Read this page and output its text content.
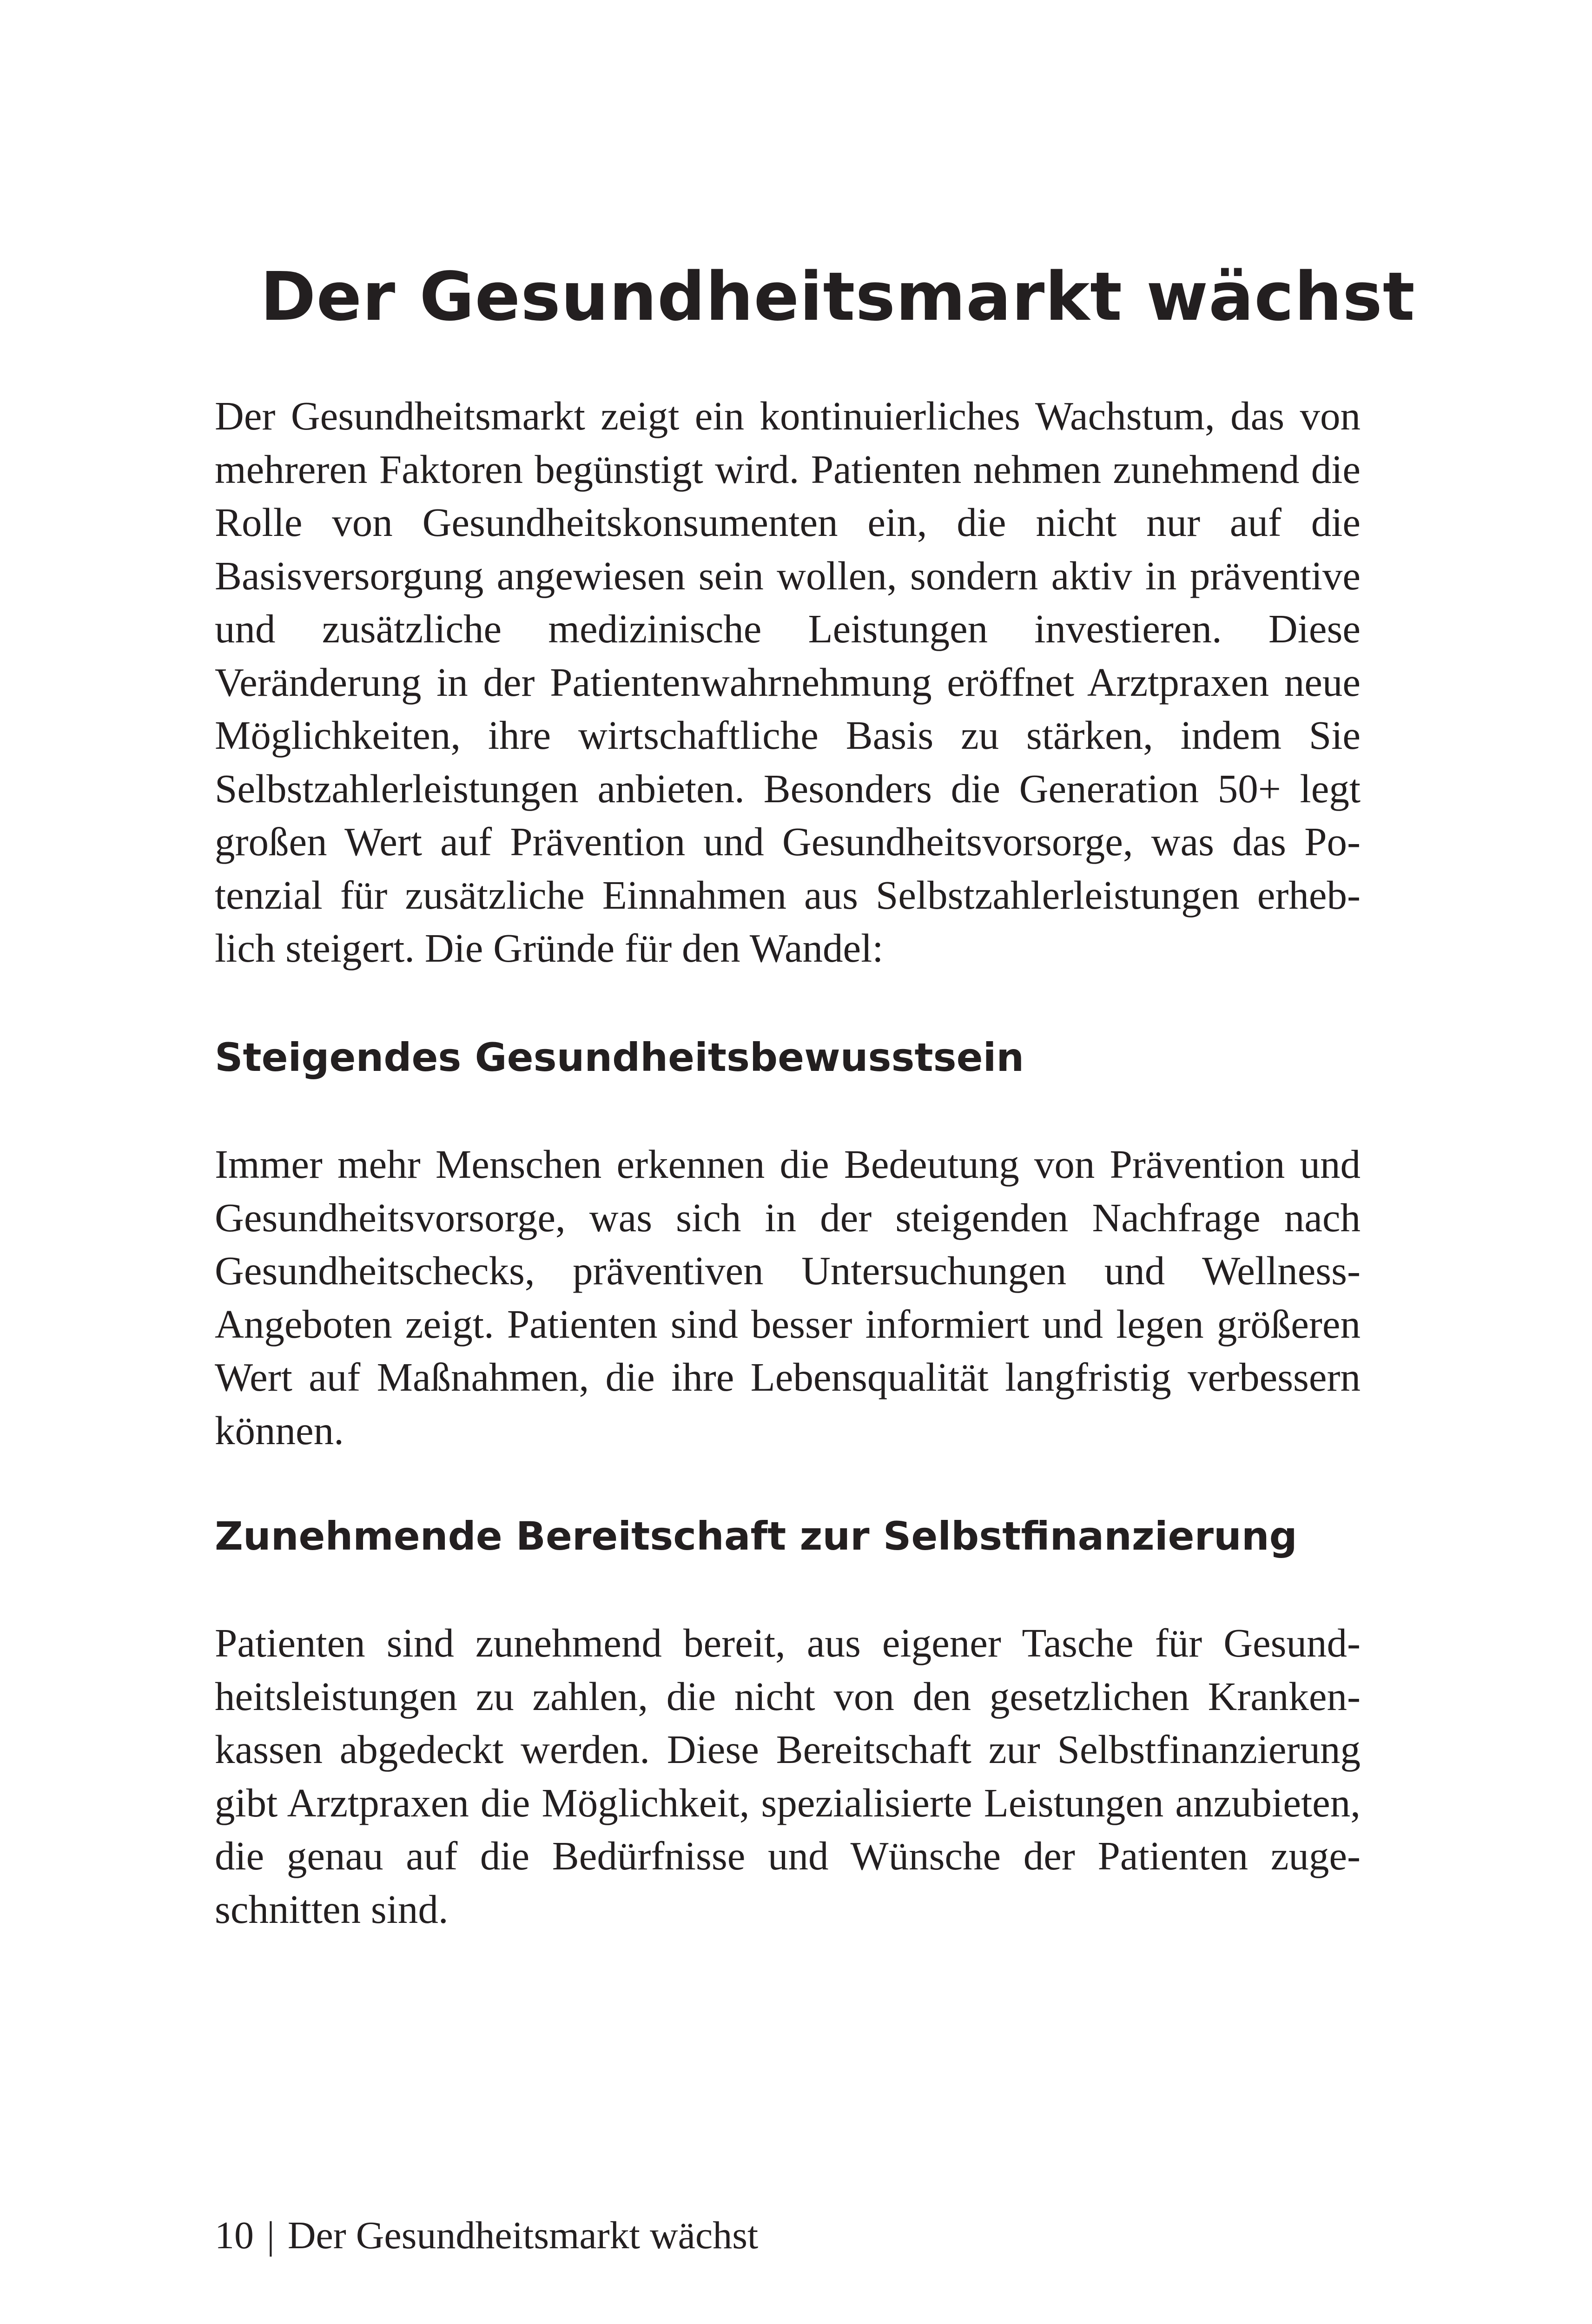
Der Gesundheitsmarkt wächst

Der Gesundheitsmarkt zeigt ein kontinuierliches Wachstum, das von mehreren Faktoren begünstigt wird. Patienten nehmen zunehmend die Rolle von Gesundheitskonsumenten ein, die nicht nur auf die Basisversorgung angewiesen sein wollen, sondern aktiv in präventive und zusätzliche medizinische Leistungen investieren. Diese Veränderung in der Patientenwahrnehmung eröffnet Arztpraxen neue Möglichkeiten, ihre wirtschaftliche Basis zu stärken, indem Sie Selbstzahlerleistungen anbieten. Besonders die Generation 50+ legt großen Wert auf Prävention und Gesundheitsvorsorge, was das Potenzial für zusätzliche Einnahmen aus Selbstzahlerleistungen erheblich steigert. Die Gründe für den Wandel:

Steigendes Gesundheitsbewusstsein

Immer mehr Menschen erkennen die Bedeutung von Prävention und Gesundheitsvorsorge, was sich in der steigenden Nachfrage nach Gesundheitschecks, präventiven Untersuchungen und Wellness-Angeboten zeigt. Patienten sind besser informiert und legen größeren Wert auf Maßnahmen, die ihre Lebensqualität langfristig verbessern können.

Zunehmende Bereitschaft zur Selbstfinanzierung

Patienten sind zunehmend bereit, aus eigener Tasche für Gesundheitsleistungen zu zahlen, die nicht von den gesetzlichen Krankenkassen abgedeckt werden. Diese Bereitschaft zur Selbstfinanzierung gibt Arztpraxen die Möglichkeit, spezialisierte Leistungen anzubieten, die genau auf die Bedürfnisse und Wünsche der Patienten zugeschnitten sind.

10 | Der Gesundheitsmarkt wächst
